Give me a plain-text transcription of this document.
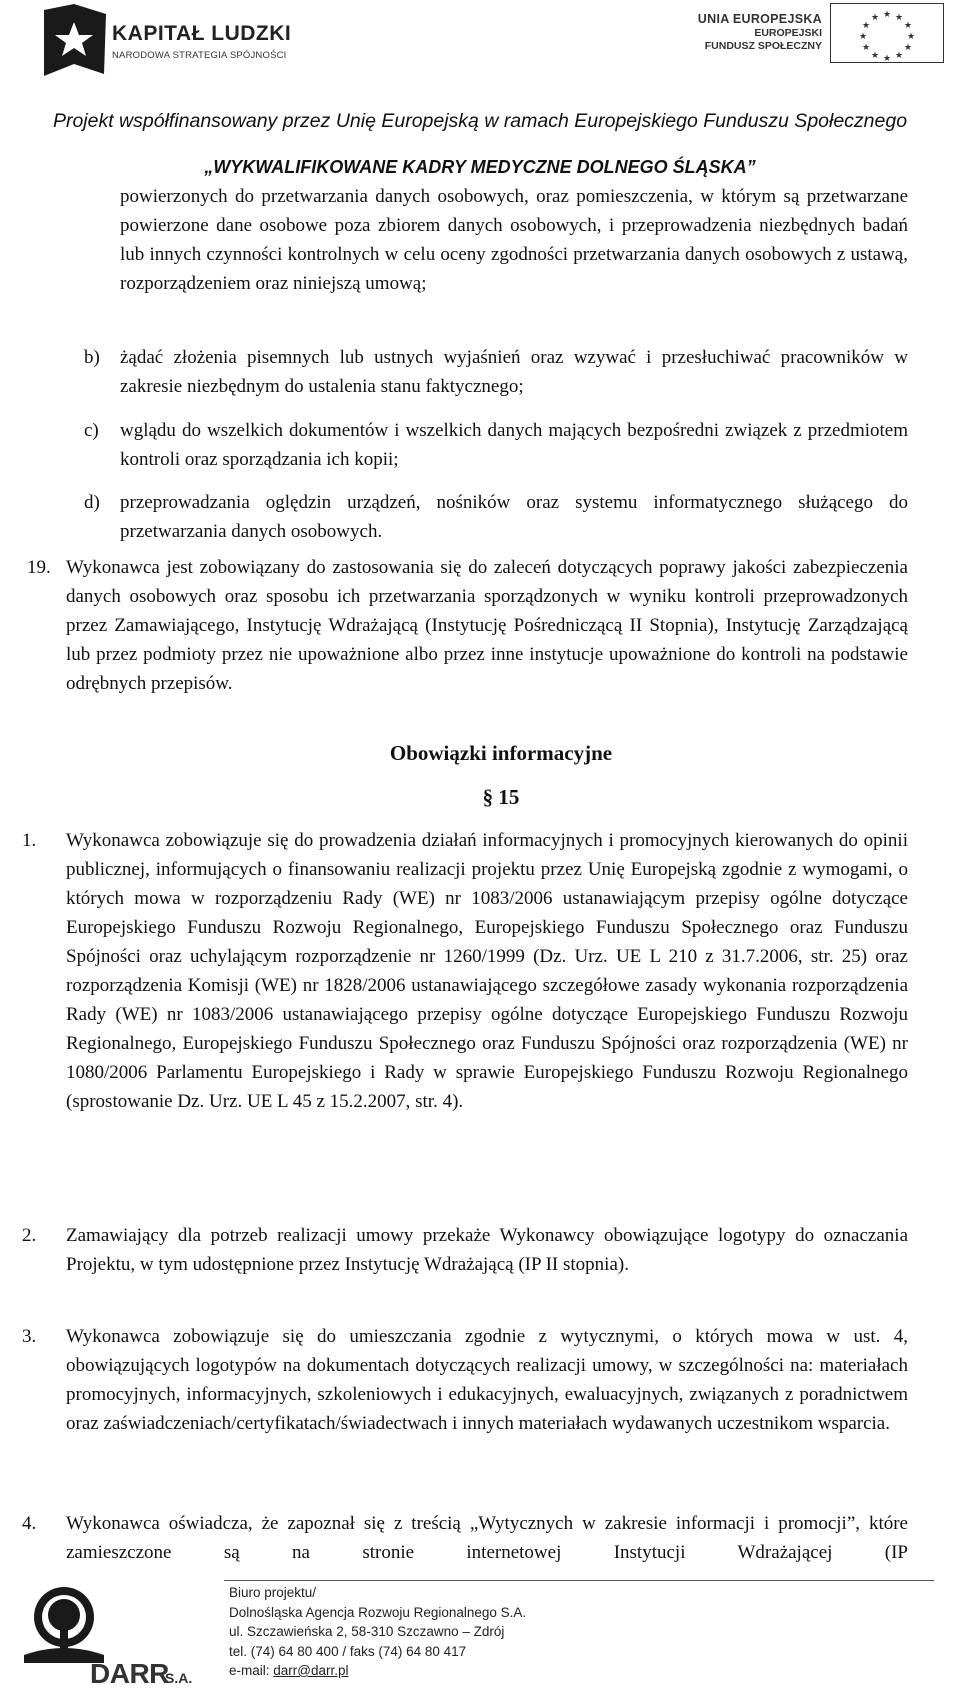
KAPITAŁ LUDZKI
NARODOWA STRATEGIA SPÓJNOŚCI
UNIA EUROPEJSKA
EUROPEJSKI
FUNDUSZ SPOŁECZNY
★ ★
★
★
★
★
★
★
★
★
★
★
Projekt współfinansowany przez Unię Europejską w ramach Europejskiego Funduszu Społecznego
„WYKWALIFIKOWANE KADRY MEDYCZNE DOLNEGO ŚLĄSKA”

powierzonych do przetwarzania danych osobowych, oraz pomieszczenia, w którym są przetwarzane powierzone dane osobowe poza zbiorem danych osobowych, i przeprowadzenia niezbędnych badań lub innych czynności kontrolnych w celu oceny zgodności przetwarzania danych osobowych z ustawą, rozporządzeniem oraz niniejszą umową;

b) żądać złożenia pisemnych lub ustnych wyjaśnień oraz wzywać i przesłuchiwać pracowników w zakresie niezbędnym do ustalenia stanu faktycznego;

c) wglądu do wszelkich dokumentów i wszelkich danych mających bezpośredni związek z przedmiotem kontroli oraz sporządzania ich kopii;

d) przeprowadzania oględzin urządzeń, nośników oraz systemu informatycznego służącego do przetwarzania danych osobowych.

19. Wykonawca jest zobowiązany do zastosowania się do zaleceń dotyczących poprawy jakości zabezpieczenia danych osobowych oraz sposobu ich przetwarzania sporządzonych w wyniku kontroli przeprowadzonych przez Zamawiającego, Instytucję Wdrażającą (Instytucję Pośredniczącą II Stopnia), Instytucję Zarządzającą lub przez podmioty przez nie upoważnione albo przez inne instytucje upoważnione do kontroli na podstawie odrębnych przepisów.

Obowiązki informacyjne
§ 15
1. Wykonawca zobowiązuje się do prowadzenia działań informacyjnych i promocyjnych kierowanych do opinii publicznej, informujących o finansowaniu realizacji projektu przez Unię Europejską zgodnie z wymogami, o których mowa w rozporządzeniu Rady (WE) nr 1083/2006 ustanawiającym przepisy ogólne dotyczące Europejskiego Funduszu Rozwoju Regionalnego, Europejskiego Funduszu Społecznego oraz Funduszu Spójności oraz uchylającym rozporządzenie nr 1260/1999 (Dz. Urz. UE L 210 z 31.7.2006, str. 25) oraz rozporządzenia Komisji (WE) nr 1828/2006 ustanawiającego szczegółowe zasady wykonania rozporządzenia Rady (WE) nr 1083/2006 ustanawiającego przepisy ogólne dotyczące Europejskiego Funduszu Rozwoju Regionalnego, Europejskiego Funduszu Społecznego oraz Funduszu Spójności oraz rozporządzenia (WE) nr 1080/2006 Parlamentu Europejskiego i Rady w sprawie Europejskiego Funduszu Rozwoju Regionalnego (sprostowanie Dz. Urz. UE L 45 z 15.2.2007, str. 4).

2. Zamawiający dla potrzeb realizacji umowy przekaże Wykonawcy obowiązujące logotypy do oznaczania Projektu, w tym udostępnione przez Instytucję Wdrażającą (IP II stopnia).

3. Wykonawca zobowiązuje się do umieszczania zgodnie z wytycznymi, o których mowa w ust. 4, obowiązujących logotypów na dokumentach dotyczących realizacji umowy, w szczególności na: materiałach promocyjnych, informacyjnych, szkoleniowych i edukacyjnych, ewaluacyjnych, związanych z poradnictwem oraz zaświadczeniach/certyfikatach/świadectwach i innych materiałach wydawanych uczestnikom wsparcia.

4. Wykonawca oświadcza, że zapoznał się z treścią „Wytycznych w zakresie informacji i promocji”, które zamieszczone są na stronie internetowej Instytucji Wdrażającej (IP

DARR
S.A.
Biuro projektu/
Dolnośląska Agencja Rozwoju Regionalnego S.A.
ul. Szczawieńska 2, 58-310 Szczawno – Zdrój
tel. (74) 64 80 400 / faks (74) 64 80 417
e-mail: darr@darr.pl
